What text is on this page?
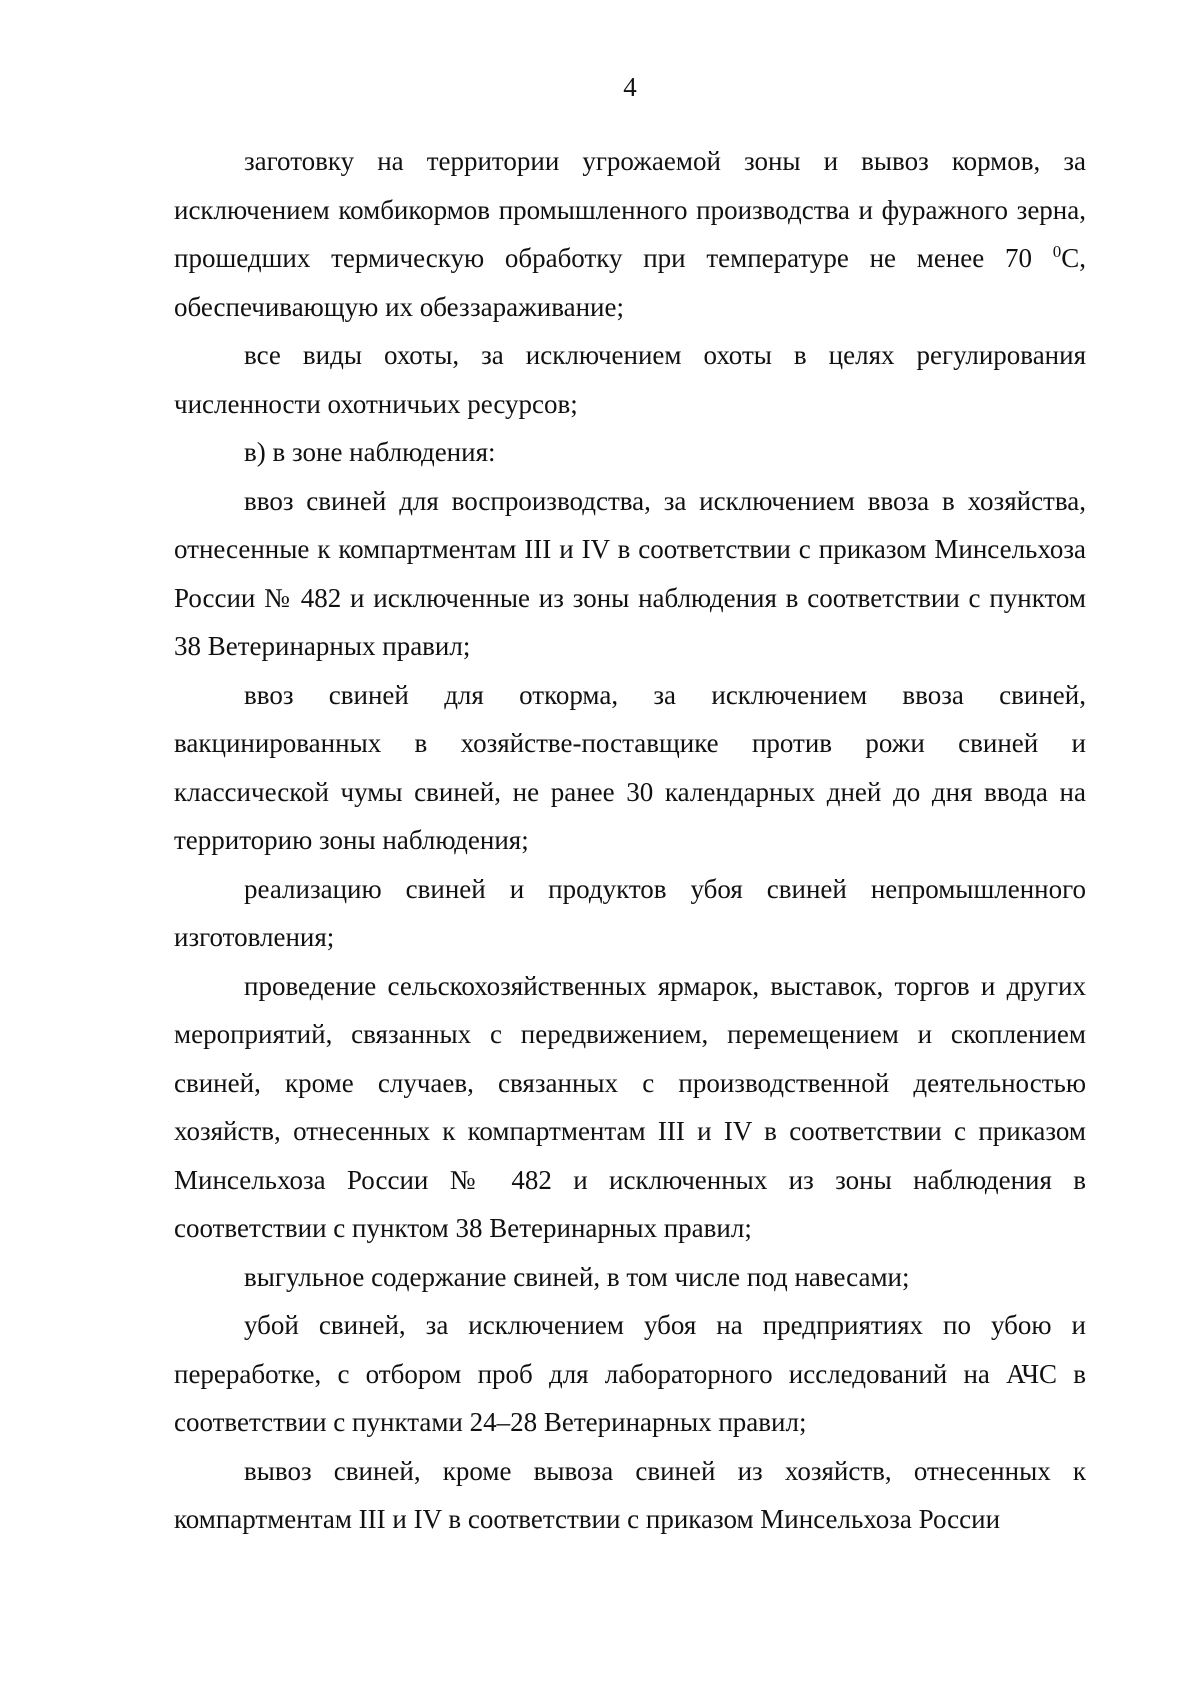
4

заготовку на территории угрожаемой зоны и вывоз кормов, за исключением комбикормов промышленного производства и фуражного зерна, прошедших термическую обработку при температуре не менее 70 $^0$С, обеспечивающую их обеззараживание;

все виды охоты, за исключением охоты в целях регулирования численности охотничьих ресурсов;

в) в зоне наблюдения:

ввоз свиней для воспроизводства, за исключением ввоза в хозяйства, отнесенные к компартментам III и IV в соответствии с приказом Минсельхоза России № 482 и исключенные из зоны наблюдения в соответствии с пунктом 38 Ветеринарных правил;

ввоз свиней для откорма, за исключением ввоза свиней, вакцинированных в хозяйстве-поставщике против рожи свиней и классической чумы свиней, не ранее 30 календарных дней до дня ввода на территорию зоны наблюдения;

реализацию свиней и продуктов убоя свиней непромышленного изготовления;

проведение сельскохозяйственных ярмарок, выставок, торгов и других мероприятий, связанных с передвижением, перемещением и скоплением свиней, кроме случаев, связанных с производственной деятельностью хозяйств, отнесенных к компартментам III и IV в соответствии с приказом Минсельхоза России № 482 и исключенных из зоны наблюдения в соответствии с пунктом 38 Ветеринарных правил;

выгульное содержание свиней, в том числе под навесами;

убой свиней, за исключением убоя на предприятиях по убою и переработке, с отбором проб для лабораторного исследований на АЧС в соответствии с пунктами 24–28 Ветеринарных правил;

вывоз свиней, кроме вывоза свиней из хозяйств, отнесенных к компартментам III и IV в соответствии с приказом Минсельхоза России
